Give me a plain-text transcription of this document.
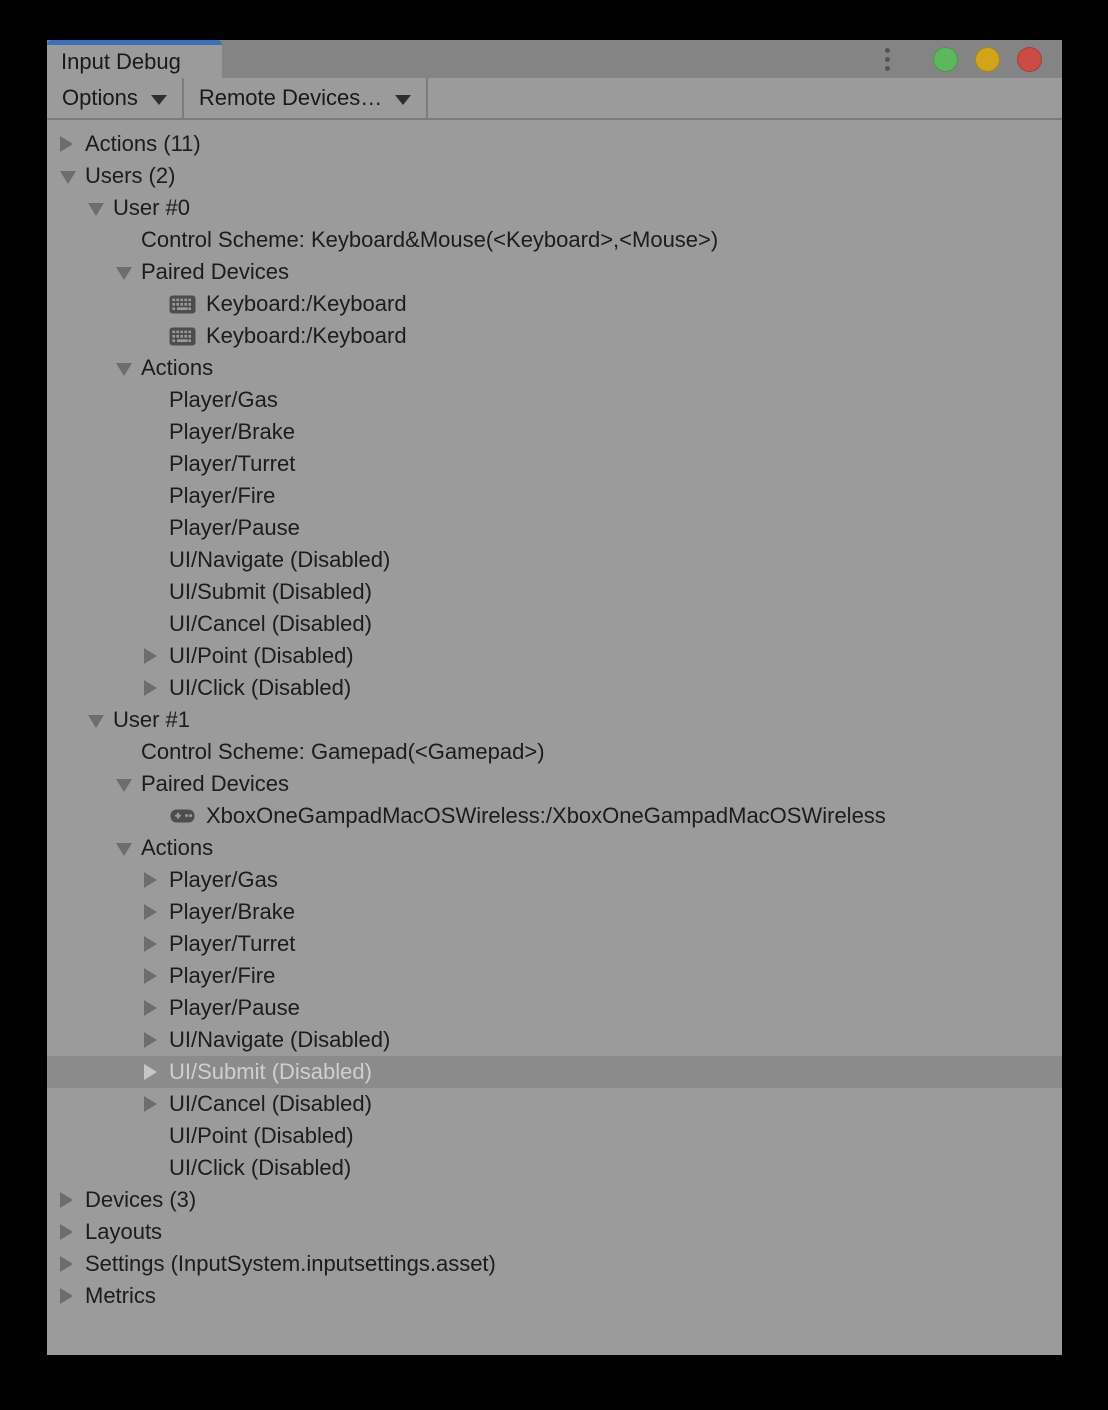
Input Debug
Options	Remote Devices…
Actions (11)
Users (2)
User #0
Control Scheme: Keyboard&Mouse(<Keyboard>,<Mouse>)
Paired Devices
Keyboard:/Keyboard
Keyboard:/Keyboard
Actions
Player/Gas
Player/Brake
Player/Turret
Player/Fire
Player/Pause
UI/Navigate (Disabled)
UI/Submit (Disabled)
UI/Cancel (Disabled)
UI/Point (Disabled)
UI/Click (Disabled)
User #1
Control Scheme: Gamepad(<Gamepad>)
Paired Devices
XboxOneGampadMacOSWireless:/XboxOneGampadMacOSWireless
Actions
Player/Gas
Player/Brake
Player/Turret
Player/Fire
Player/Pause
UI/Navigate (Disabled)
UI/Submit (Disabled)
UI/Cancel (Disabled)
UI/Point (Disabled)
UI/Click (Disabled)
Devices (3)
Layouts
Settings (InputSystem.inputsettings.asset)
Metrics
